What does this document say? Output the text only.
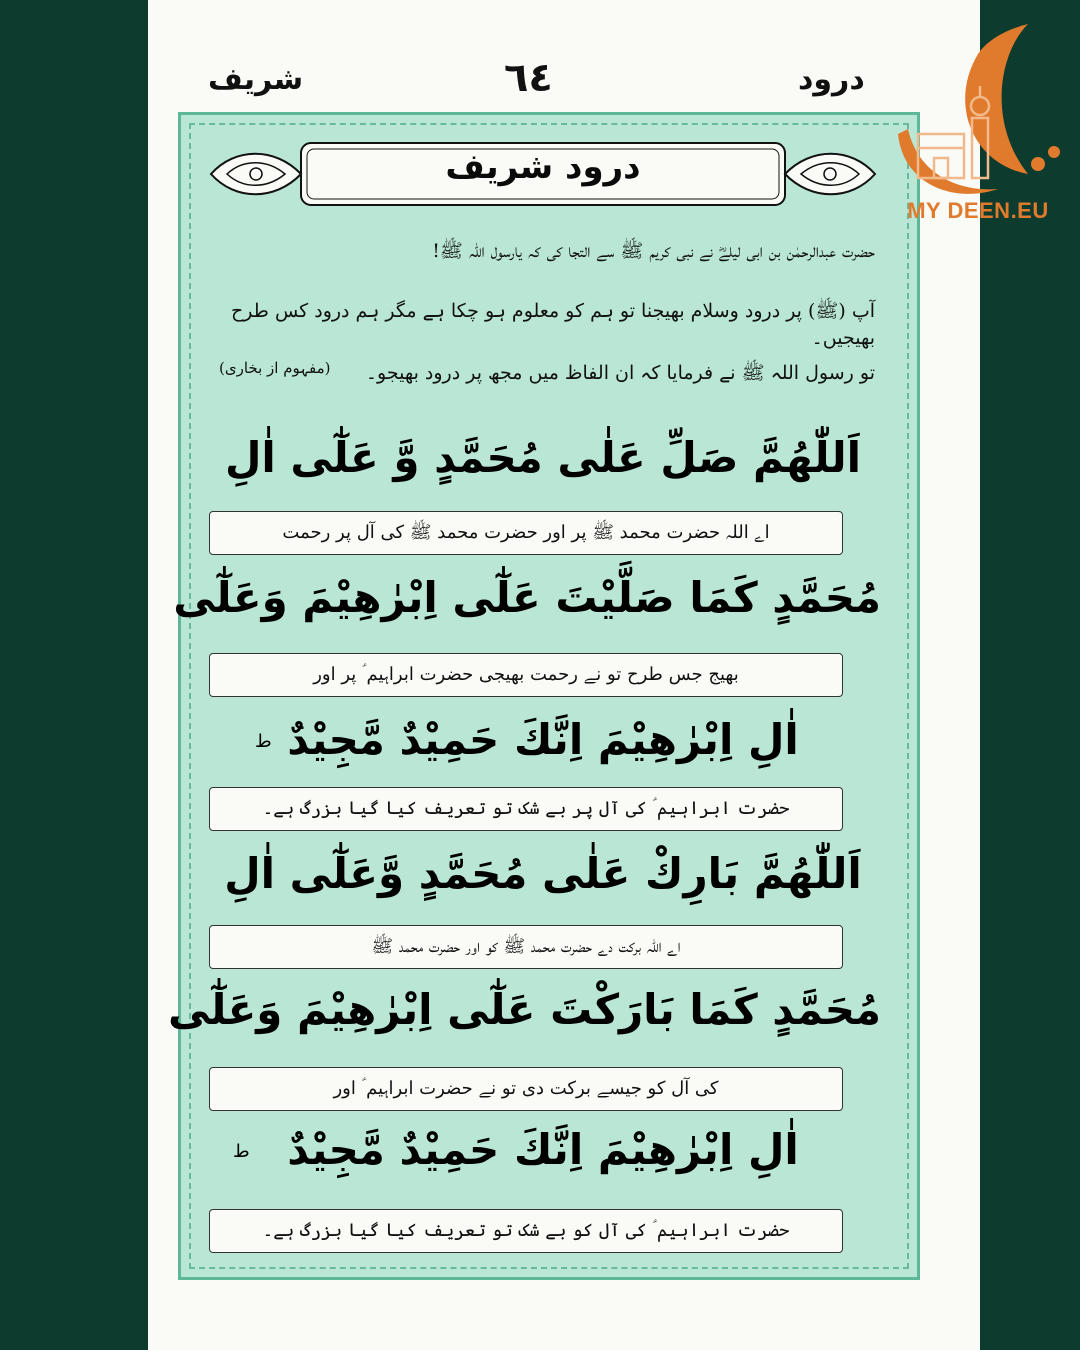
درود
٦٤
شریف
درود شریف
حضرت عبدالرحمٰن بن ابی لیلےؓ نے نبی کریم ﷺ سے التجا کی کہ یارسول اللہ ﷺ!
آپ (ﷺ) پر درود وسلام بھیجنا تو ہم کو معلوم ہو چکا ہے مگر ہم درود کس طرح بھیجیں۔
تو رسول اللہ ﷺ نے فرمایا کہ ان الفاظ میں مجھ پر درود بھیجو۔
(مفہوم از بخاری)
اَللّٰهُمَّ صَلِّ عَلٰى مُحَمَّدٍ وَّ عَلٰٓى اٰلِ
اے اللہ حضرت محمد ﷺ پر اور حضرت محمد ﷺ کی آل پر رحمت
مُحَمَّدٍ كَمَا صَلَّيْتَ عَلٰٓى اِبْرٰهِيْمَ وَعَلٰٓى
بھیج جس طرح تو نے رحمت بھیجی حضرت ابراہیم ؑ پر اور
اٰلِ اِبْرٰهِيْمَ اِنَّكَ حَمِيْدٌ مَّجِيْدٌ
ط
حضرت ابراہیم ؑ کی آل پر بے شک تو تعریف کیا گیا بزرگ ہے۔
اَللّٰهُمَّ بَارِكْ عَلٰى مُحَمَّدٍ وَّعَلٰٓى اٰلِ
اے اللہ برکت دے حضرت محمد ﷺ کو اور حضرت محمد ﷺ
مُحَمَّدٍ كَمَا بَارَكْتَ عَلٰٓى اِبْرٰهِيْمَ وَعَلٰٓى
کی آل کو جیسے برکت دی تو نے حضرت ابراہیم ؑ اور
اٰلِ اِبْرٰهِيْمَ اِنَّكَ حَمِيْدٌ مَّجِيْدٌ
ط
حضرت ابراہیم ؑ کی آل کو بے شک تو تعریف کیا گیا بزرگ ہے۔
MY DEEN.EU
